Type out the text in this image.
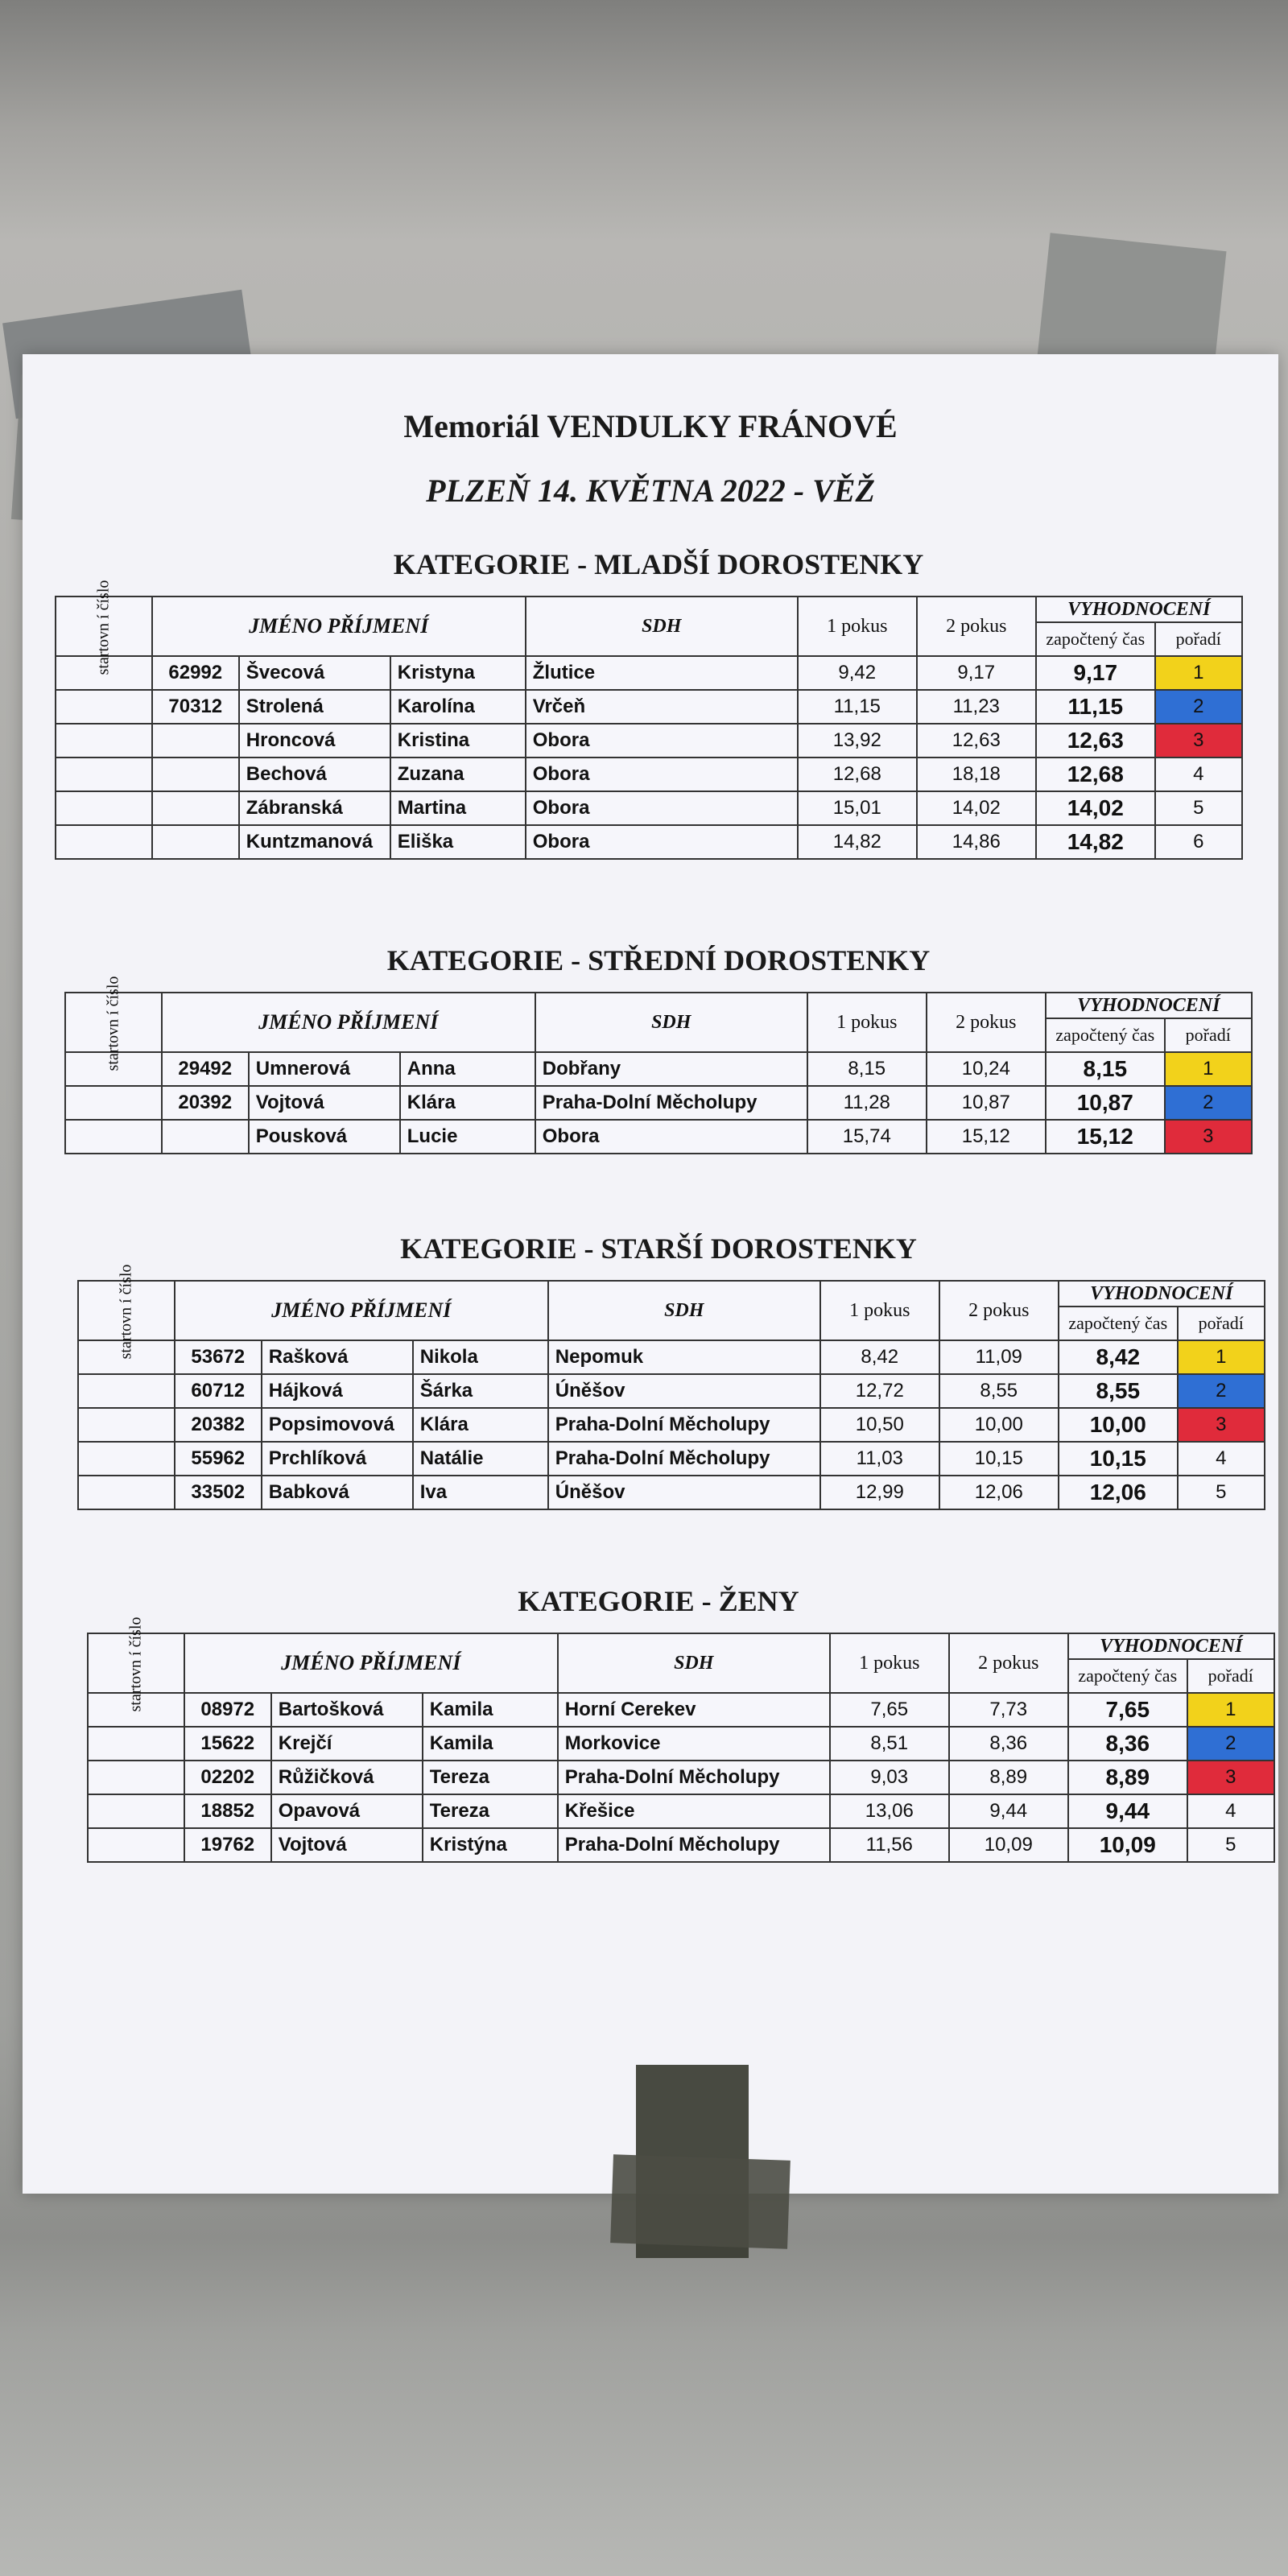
Memoriál VENDULKY FRÁNOVÉ
PLZEŇ 14. KVĚTNA 2022 - VĚŽ
KATEGORIE - MLADŠÍ DOROSTENKY
startovn í číslo	JMÉNO PŘÍJMENÍ			SDH	1 pokus	2 pokus	VYHODNOCENÍ	
							započtený čas	pořadí
	62992	Švecová	Kristyna	Žlutice	9,42	9,17	9,17	1
	70312	Strolená	Karolína	Vrčeň	11,15	11,23	11,15	2
		Hroncová	Kristina	Obora	13,92	12,63	12,63	3
		Bechová	Zuzana	Obora	12,68	18,18	12,68	4
		Zábranská	Martina	Obora	15,01	14,02	14,02	5
		Kuntzmanová	Eliška	Obora	14,82	14,86	14,82	6
KATEGORIE - STŘEDNÍ DOROSTENKY
startovn í číslo	JMÉNO PŘÍJMENÍ			SDH	1 pokus	2 pokus	VYHODNOCENÍ	
							započtený čas	pořadí
	29492	Umnerová	Anna	Dobřany	8,15	10,24	8,15	1
	20392	Vojtová	Klára	Praha-Dolní Měcholupy	11,28	10,87	10,87	2
		Pousková	Lucie	Obora	15,74	15,12	15,12	3
KATEGORIE - STARŠÍ DOROSTENKY
startovn í číslo	JMÉNO PŘÍJMENÍ			SDH	1 pokus	2 pokus	VYHODNOCENÍ	
							započtený čas	pořadí
	53672	Rašková	Nikola	Nepomuk	8,42	11,09	8,42	1
	60712	Hájková	Šárka	Úněšov	12,72	8,55	8,55	2
	20382	Popsimovová	Klára	Praha-Dolní Měcholupy	10,50	10,00	10,00	3
	55962	Prchlíková	Natálie	Praha-Dolní Měcholupy	11,03	10,15	10,15	4
	33502	Babková	Iva	Úněšov	12,99	12,06	12,06	5
KATEGORIE - ŽENY
startovn í číslo	JMÉNO PŘÍJMENÍ			SDH	1 pokus	2 pokus	VYHODNOCENÍ	
							započtený čas	pořadí
	08972	Bartošková	Kamila	Horní Cerekev	7,65	7,73	7,65	1
	15622	Krejčí	Kamila	Morkovice	8,51	8,36	8,36	2
	02202	Růžičková	Tereza	Praha-Dolní Měcholupy	9,03	8,89	8,89	3
	18852	Opavová	Tereza	Křešice	13,06	9,44	9,44	4
	19762	Vojtová	Kristýna	Praha-Dolní Měcholupy	11,56	10,09	10,09	5
